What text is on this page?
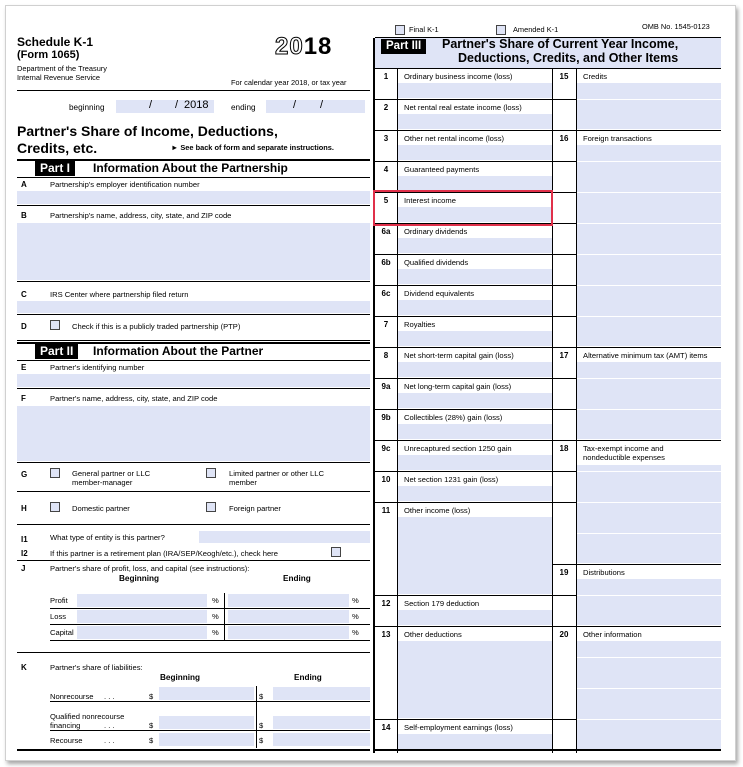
Schedule K-1
(Form 1065)	2018
Department of the Treasury
Internal Revenue Service
For calendar year 2018, or tax year
beginning	/ / 2018	ending	/ /
Partner's Share of Income, Deductions,
Credits, etc.	► See back of form and separate instructions.
Part I	Information About the Partnership
A	Partnership's employer identification number
B	Partnership's name, address, city, state, and ZIP code
C	IRS Center where partnership filed return
D	Check if this is a publicly traded partnership (PTP)
Part II	Information About the Partner
E	Partner's identifying number
F	Partner's name, address, city, state, and ZIP code
G	General partner or LLC
member-manager
Limited partner or other LLC
member
H	Domestic partner	Foreign partner
I1	What type of entity is this partner?
I2	If this partner is a retirement plan (IRA/SEP/Keogh/etc.), check here
J	Partner's share of profit, loss, and capital (see instructions):
Beginning	Ending
Profit	%	%
Loss	%	%
Capital	%	%
K	Partner's share of liabilities:
Beginning	Ending
Nonrecourse . . .	$	$
Qualified nonrecourse
financing	. . .	$	$
Recourse	. . .	$	$
Final K-1	Amended K-1	OMB No. 1545-0123
Part III	Partner's Share of Current Year Income,
Deductions, Credits, and Other Items
1	Ordinary business income (loss)
2	Net rental real estate income (loss)
3	Other net rental income (loss)
4	Guaranteed payments
5	Interest income
6a	Ordinary dividends
6b	Qualified dividends
6c	Dividend equivalents
7	Royalties
8	Net short-term capital gain (loss)
9a	Net long-term capital gain (loss)
9b	Collectibles (28%) gain (loss)
9c	Unrecaptured section 1250 gain
10	Net section 1231 gain (loss)
11	Other income (loss)
12	Section 179 deduction
13	Other deductions
14	Self-employment earnings (loss)
15	Credits
16	Foreign transactions
17	Alternative minimum tax (AMT) items
18	Tax-exempt income and
nondeductible expenses
19	Distributions
20	Other information
